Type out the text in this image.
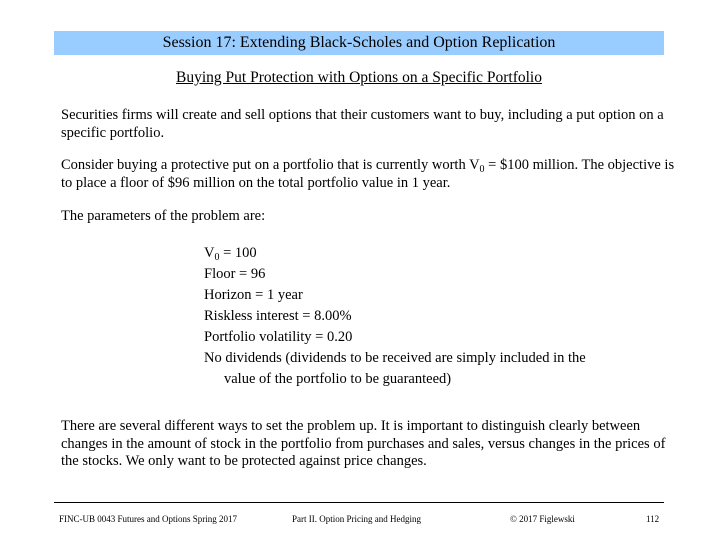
Session 17: Extending Black-Scholes and Option Replication
Buying Put Protection with Options on a Specific Portfolio
Securities firms will create and sell options that their customers want to buy, including a put option on a specific portfolio.
Consider buying a protective put on a portfolio that is currently worth $V_0$ = $100 million. The objective is to place a floor of $96 million on the total portfolio value in 1 year.
The parameters of the problem are:
$V_0 = 100$
Floor = 96
Horizon = 1 year
Riskless interest = 8.00%
Portfolio volatility = 0.20
No dividends (dividends to be received are simply included in the
value of the portfolio to be guaranteed)
There are several different ways to set the problem up. It is important to distinguish clearly between changes in the amount of stock in the portfolio from purchases and sales, versus changes in the prices of the stocks. We only want to be protected against price changes.
FINC-UB 0043 Futures and Options Spring 2017	Part II. Option Pricing and Hedging	© 2017 Figlewski	112
